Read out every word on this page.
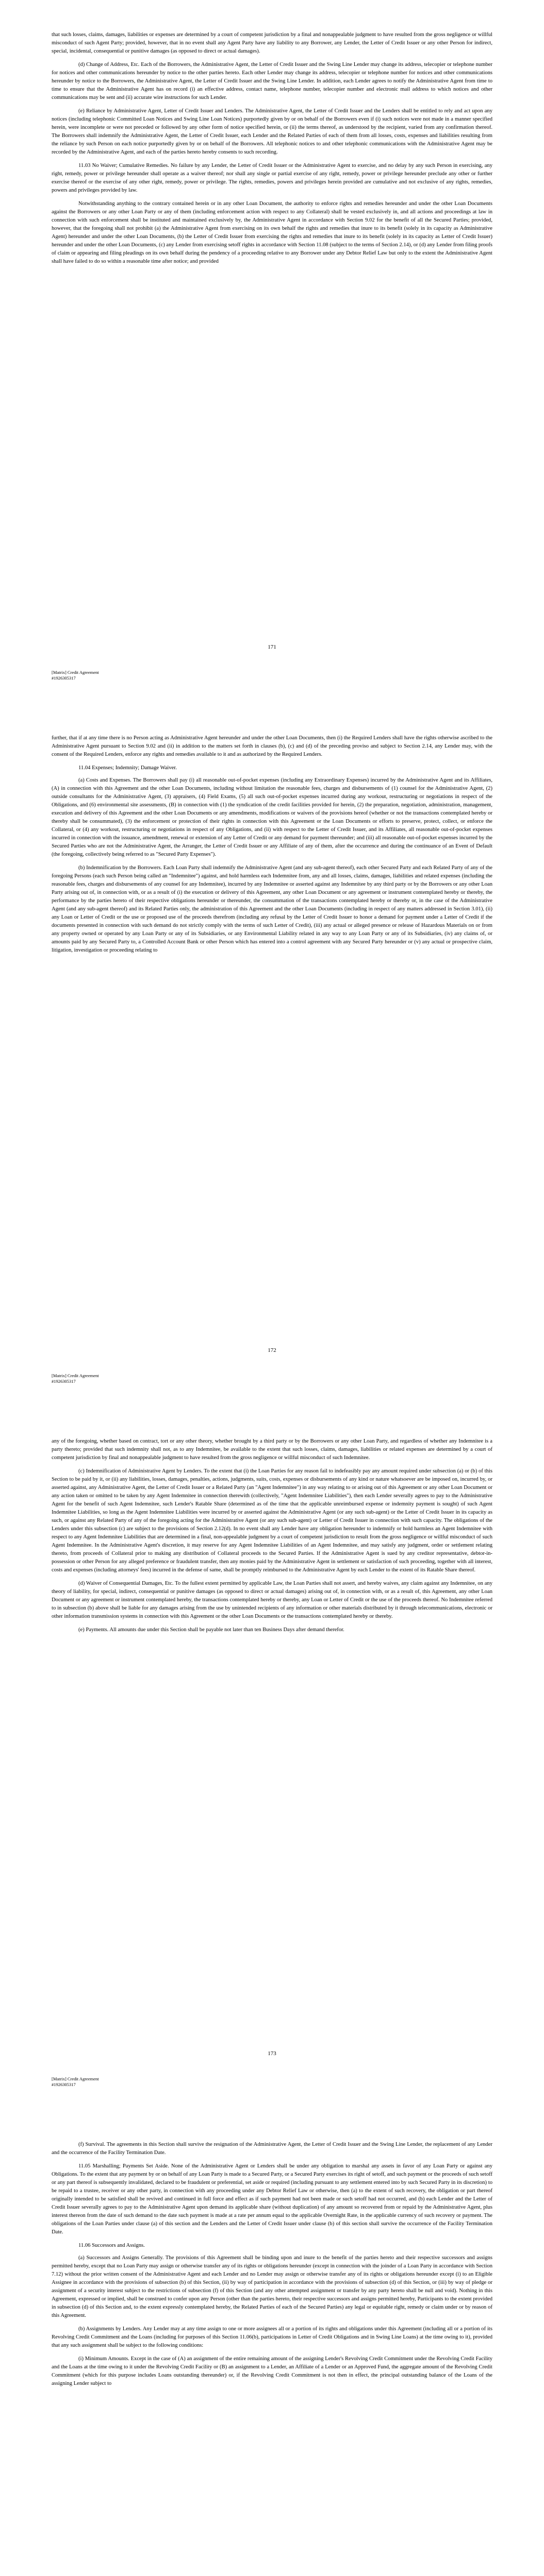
that such losses, claims, damages, liabilities or expenses are determined by a court of competent jurisdiction by a final and nonappealable judgment to have resulted from the gross negligence or willful misconduct of such Agent Party; provided, however, that in no event shall any Agent Party have any liability to any Borrower, any Lender, the Letter of Credit Issuer or any other Person for indirect, special, incidental, consequential or punitive damages (as opposed to direct or actual damages).

(d) Change of Address, Etc. Each of the Borrowers, the Administrative Agent, the Letter of Credit Issuer and the Swing Line Lender may change its address, telecopier or telephone number for notices and other communications hereunder by notice to the other parties hereto. Each other Lender may change its address, telecopier or telephone number for notices and other communications hereunder by notice to the Borrowers, the Administrative Agent, the Letter of Credit Issuer and the Swing Line Lender. In addition, each Lender agrees to notify the Administrative Agent from time to time to ensure that the Administrative Agent has on record (i) an effective address, contact name, telephone number, telecopier number and electronic mail address to which notices and other communications may be sent and (ii) accurate wire instructions for such Lender.

(e) Reliance by Administrative Agent, Letter of Credit Issuer and Lenders. The Administrative Agent, the Letter of Credit Issuer and the Lenders shall be entitled to rely and act upon any notices (including telephonic Committed Loan Notices and Swing Line Loan Notices) purportedly given by or on behalf of the Borrowers even if (i) such notices were not made in a manner specified herein, were incomplete or were not preceded or followed by any other form of notice specified herein, or (ii) the terms thereof, as understood by the recipient, varied from any confirmation thereof. The Borrowers shall indemnify the Administrative Agent, the Letter of Credit Issuer, each Lender and the Related Parties of each of them from all losses, costs, expenses and liabilities resulting from the reliance by such Person on each notice purportedly given by or on behalf of the Borrowers. All telephonic notices to and other telephonic communications with the Administrative Agent may be recorded by the Administrative Agent, and each of the parties hereto hereby consents to such recording.

11.03 No Waiver; Cumulative Remedies. No failure by any Lender, the Letter of Credit Issuer or the Administrative Agent to exercise, and no delay by any such Person in exercising, any right, remedy, power or privilege hereunder shall operate as a waiver thereof; nor shall any single or partial exercise of any right, remedy, power or privilege hereunder preclude any other or further exercise thereof or the exercise of any other right, remedy, power or privilege. The rights, remedies, powers and privileges herein provided are cumulative and not exclusive of any rights, remedies, powers and privileges provided by law.

Notwithstanding anything to the contrary contained herein or in any other Loan Document, the authority to enforce rights and remedies hereunder and under the other Loan Documents against the Borrowers or any other Loan Party or any of them (including enforcement action with respect to any Collateral) shall be vested exclusively in, and all actions and proceedings at law in connection with such enforcement shall be instituted and maintained exclusively by, the Administrative Agent in accordance with Section 9.02 for the benefit of all the Secured Parties; provided, however, that the foregoing shall not prohibit (a) the Administrative Agent from exercising on its own behalf the rights and remedies that inure to its benefit (solely in its capacity as Administrative Agent) hereunder and under the other Loan Documents, (b) the Letter of Credit Issuer from exercising the rights and remedies that inure to its benefit (solely in its capacity as Letter of Credit Issuer) hereunder and under the other Loan Documents, (c) any Lender from exercising setoff rights in accordance with Section 11.08 (subject to the terms of Section 2.14), or (d) any Lender from filing proofs of claim or appearing and filing pleadings on its own behalf during the pendency of a proceeding relative to any Borrower under any Debtor Relief Law but only to the extent the Administrative Agent shall have failed to do so within a reasonable time after notice; and provided

171
[Matrix] Credit Agreement
#1926305317

further, that if at any time there is no Person acting as Administrative Agent hereunder and under the other Loan Documents, then (i) the Required Lenders shall have the rights otherwise ascribed to the Administrative Agent pursuant to Section 9.02 and (ii) in addition to the matters set forth in clauses (b), (c) and (d) of the preceding proviso and subject to Section 2.14, any Lender may, with the consent of the Required Lenders, enforce any rights and remedies available to it and as authorized by the Required Lenders.

11.04 Expenses; Indemnity; Damage Waiver.

(a) Costs and Expenses. The Borrowers shall pay (i) all reasonable out-of-pocket expenses (including any Extraordinary Expenses) incurred by the Administrative Agent and its Affiliates, (A) in connection with this Agreement and the other Loan Documents, including without limitation the reasonable fees, charges and disbursements of (1) counsel for the Administrative Agent, (2) outside consultants for the Administrative Agent, (3) appraisers, (4) Field Exams, (5) all such out-of-pocket expenses incurred during any workout, restructuring or negotiations in respect of the Obligations, and (6) environmental site assessments, (B) in connection with (1) the syndication of the credit facilities provided for herein, (2) the preparation, negotiation, administration, management, execution and delivery of this Agreement and the other Loan Documents or any amendments, modifications or waivers of the provisions hereof (whether or not the transactions contemplated hereby or thereby shall be consummated), (3) the enforcement or protection of their rights in connection with this Agreement or the Loan Documents or efforts to preserve, protect, collect, or enforce the Collateral, or (4) any workout, restructuring or negotiations in respect of any Obligations, and (ii) with respect to the Letter of Credit Issuer, and its Affiliates, all reasonable out-of-pocket expenses incurred in connection with the issuance, amendment, renewal or extension of any Letter of Credit or any demand for payment thereunder; and (iii) all reasonable out-of-pocket expenses incurred by the Secured Parties who are not the Administrative Agent, the Arranger, the Letter of Credit Issuer or any Affiliate of any of them, after the occurrence and during the continuance of an Event of Default (the foregoing, collectively being referred to as "Secured Party Expenses").

(b) Indemnification by the Borrowers. Each Loan Party shall indemnify the Administrative Agent (and any sub-agent thereof), each other Secured Party and each Related Party of any of the foregoing Persons (each such Person being called an "Indemnitee") against, and hold harmless each Indemnitee from, any and all losses, claims, damages, liabilities and related expenses (including the reasonable fees, charges and disbursements of any counsel for any Indemnitee), incurred by any Indemnitee or asserted against any Indemnitee by any third party or by the Borrowers or any other Loan Party arising out of, in connection with, or as a result of (i) the execution or delivery of this Agreement, any other Loan Document or any agreement or instrument contemplated hereby or thereby, the performance by the parties hereto of their respective obligations hereunder or thereunder, the consummation of the transactions contemplated hereby or thereby or, in the case of the Administrative Agent (and any sub-agent thereof) and its Related Parties only, the administration of this Agreement and the other Loan Documents (including in respect of any matters addressed in Section 3.01), (ii) any Loan or Letter of Credit or the use or proposed use of the proceeds therefrom (including any refusal by the Letter of Credit Issuer to honor a demand for payment under a Letter of Credit if the documents presented in connection with such demand do not strictly comply with the terms of such Letter of Credit), (iii) any actual or alleged presence or release of Hazardous Materials on or from any property owned or operated by any Loan Party or any of its Subsidiaries, or any Environmental Liability related in any way to any Loan Party or any of its Subsidiaries, (iv) any claims of, or amounts paid by any Secured Party to, a Controlled Account Bank or other Person which has entered into a control agreement with any Secured Party hereunder or (v) any actual or prospective claim, litigation, investigation or proceeding relating to

172
[Matrix] Credit Agreement
#1926305317

any of the foregoing, whether based on contract, tort or any other theory, whether brought by a third party or by the Borrowers or any other Loan Party, and regardless of whether any Indemnitee is a party thereto; provided that such indemnity shall not, as to any Indemnitee, be available to the extent that such losses, claims, damages, liabilities or related expenses are determined by a court of competent jurisdiction by final and nonappealable judgment to have resulted from the gross negligence or willful misconduct of such Indemnitee.

(c) Indemnification of Administrative Agent by Lenders. To the extent that (i) the Loan Parties for any reason fail to indefeasibly pay any amount required under subsection (a) or (b) of this Section to be paid by it, or (ii) any liabilities, losses, damages, penalties, actions, judgments, suits, costs, expenses or disbursements of any kind or nature whatsoever are be imposed on, incurred by, or asserted against, any Administrative Agent, the Letter of Credit Issuer or a Related Party (an "Agent Indemnitee") in any way relating to or arising out of this Agreement or any other Loan Document or any action taken or omitted to be taken by any Agent Indemnitee in connection therewith (collectively, "Agent Indemnitee Liabilities"), then each Lender severally agrees to pay to the Administrative Agent for the benefit of such Agent Indemnitee, such Lender's Ratable Share (determined as of the time that the applicable unreimbursed expense or indemnity payment is sought) of such Agent Indemnitee Liabilities, so long as the Agent Indemnitee Liabilities were incurred by or asserted against the Administrative Agent (or any such sub-agent) or the Letter of Credit Issuer in its capacity as such, or against any Related Party of any of the foregoing acting for the Administrative Agent (or any such sub-agent) or Letter of Credit Issuer in connection with such capacity. The obligations of the Lenders under this subsection (c) are subject to the provisions of Section 2.12(d). In no event shall any Lender have any obligation hereunder to indemnify or hold harmless an Agent Indemnitee with respect to any Agent Indemnitee Liabilities that are determined in a final, non-appealable judgment by a court of competent jurisdiction to result from the gross negligence or willful misconduct of such Agent Indemnitee. In the Administrative Agent's discretion, it may reserve for any Agent Indemnitee Liabilities of an Agent Indemnitee, and may satisfy any judgment, order or settlement relating thereto, from proceeds of Collateral prior to making any distribution of Collateral proceeds to the Secured Parties. If the Administrative Agent is sued by any creditor representative, debtor-in-possession or other Person for any alleged preference or fraudulent transfer, then any monies paid by the Administrative Agent in settlement or satisfaction of such proceeding, together with all interest, costs and expenses (including attorneys' fees) incurred in the defense of same, shall be promptly reimbursed to the Administrative Agent by each Lender to the extent of its Ratable Share thereof.

(d) Waiver of Consequential Damages, Etc. To the fullest extent permitted by applicable Law, the Loan Parties shall not assert, and hereby waives, any claim against any Indemnitee, on any theory of liability, for special, indirect, consequential or punitive damages (as opposed to direct or actual damages) arising out of, in connection with, or as a result of, this Agreement, any other Loan Document or any agreement or instrument contemplated hereby, the transactions contemplated hereby or thereby, any Loan or Letter of Credit or the use of the proceeds thereof. No Indemnitee referred to in subsection (b) above shall be liable for any damages arising from the use by unintended recipients of any information or other materials distributed by it through telecommunications, electronic or other information transmission systems in connection with this Agreement or the other Loan Documents or the transactions contemplated hereby or thereby.

(e) Payments. All amounts due under this Section shall be payable not later than ten Business Days after demand therefor.

173
[Matrix] Credit Agreement
#1926305317

(f) Survival. The agreements in this Section shall survive the resignation of the Administrative Agent, the Letter of Credit Issuer and the Swing Line Lender, the replacement of any Lender and the occurrence of the Facility Termination Date.

11.05 Marshalling; Payments Set Aside. None of the Administrative Agent or Lenders shall be under any obligation to marshal any assets in favor of any Loan Party or against any Obligations. To the extent that any payment by or on behalf of any Loan Party is made to a Secured Party, or a Secured Party exercises its right of setoff, and such payment or the proceeds of such setoff or any part thereof is subsequently invalidated, declared to be fraudulent or preferential, set aside or required (including pursuant to any settlement entered into by such Secured Party in its discretion) to be repaid to a trustee, receiver or any other party, in connection with any proceeding under any Debtor Relief Law or otherwise, then (a) to the extent of such recovery, the obligation or part thereof originally intended to be satisfied shall be revived and continued in full force and effect as if such payment had not been made or such setoff had not occurred, and (b) each Lender and the Letter of Credit Issuer severally agrees to pay to the Administrative Agent upon demand its applicable share (without duplication) of any amount so recovered from or repaid by the Administrative Agent, plus interest thereon from the date of such demand to the date such payment is made at a rate per annum equal to the applicable Overnight Rate, in the applicable currency of such recovery or payment. The obligations of the Loan Parties under clause (a) of this section and the Lenders and the Letter of Credit Issuer under clause (b) of this section shall survive the occurrence of the Facility Termination Date.

11.06 Successors and Assigns.

(a) Successors and Assigns Generally. The provisions of this Agreement shall be binding upon and inure to the benefit of the parties hereto and their respective successors and assigns permitted hereby, except that no Loan Party may assign or otherwise transfer any of its rights or obligations hereunder (except in connection with the joinder of a Loan Party in accordance with Section 7.12) without the prior written consent of the Administrative Agent and each Lender and no Lender may assign or otherwise transfer any of its rights or obligations hereunder except (i) to an Eligible Assignee in accordance with the provisions of subsection (b) of this Section, (ii) by way of participation in accordance with the provisions of subsection (d) of this Section, or (iii) by way of pledge or assignment of a security interest subject to the restrictions of subsection (f) of this Section (and any other attempted assignment or transfer by any party hereto shall be null and void). Nothing in this Agreement, expressed or implied, shall be construed to confer upon any Person (other than the parties hereto, their respective successors and assigns permitted hereby, Participants to the extent provided in subsection (d) of this Section and, to the extent expressly contemplated hereby, the Related Parties of each of the Secured Parties) any legal or equitable right, remedy or claim under or by reason of this Agreement.

(b) Assignments by Lenders. Any Lender may at any time assign to one or more assignees all or a portion of its rights and obligations under this Agreement (including all or a portion of its Revolving Credit Commitment and the Loans (including for purposes of this Section 11.06(b), participations in Letter of Credit Obligations and in Swing Line Loans) at the time owing to it), provided that any such assignment shall be subject to the following conditions:

(i) Minimum Amounts. Except in the case of (A) an assignment of the entire remaining amount of the assigning Lender's Revolving Credit Commitment under the Revolving Credit Facility and the Loans at the time owing to it under the Revolving Credit Facility or (B) an assignment to a Lender, an Affiliate of a Lender or an Approved Fund, the aggregate amount of the Revolving Credit Commitment (which for this purpose includes Loans outstanding thereunder) or, if the Revolving Credit Commitment is not then in effect, the principal outstanding balance of the Loans of the assigning Lender subject to
